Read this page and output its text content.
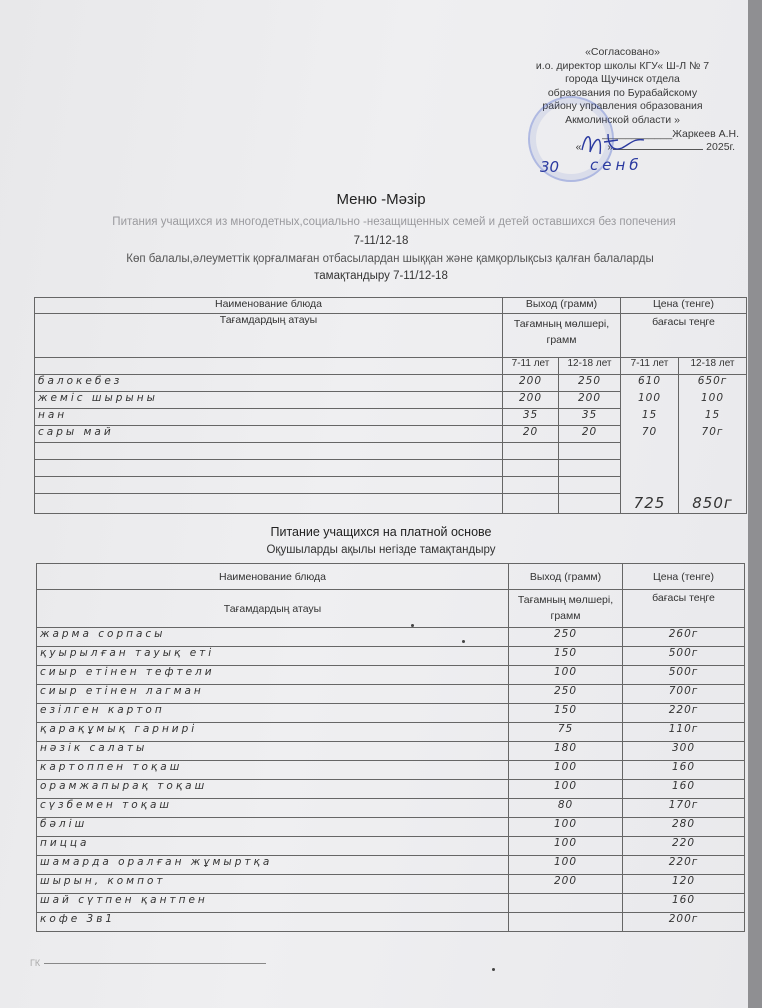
«Согласовано»
и.о. директор школы КГУ« Ш-Л № 7
города Щучинск отдела
образования по Бурабайскому
району управления образования
Акмолинской области »
____________Жаркеев А.Н.
« »	2025г.
30 сенб
Меню -Мәзір
Питания учащихся из многодетных,социально -незащищенных семей и детей оставшихся без попечения
7-11/12-18
Көп балалы,әлеуметтік қорғалмаған отбасылардан шыққан және қамқорлықсыз қалған балаларды
тамақтандыру 7-11/12-18
Наименование блюда	Выход (грамм)		Цена (тенге)	
Тағамдардың атауы	Тағамның мөлшері, грамм		бағасы теңге	
	7-11 лет	12-18 лет	7-11 лет	12-18 лет
балокебез	200	250	610	650г
жеміс шырыны	200	200	100	100
нан	35	35	15	15
сары май	20	20	70	70г

			725	850г
Питание учащихся на платной основе
Оқушыларды ақылы негізде тамақтандыру
Наименование блюда	Выход (грамм)	Цена (тенге)
Тағамдардың атауы	Тағамның мөлшері, грамм	бағасы теңге
жарма сорпасы	250	260г
қуырылған тауық еті	150	500г
сиыр етінен тефтели	100	500г
сиыр етінен лагман	250	700г
езілген картоп	150	220г
қарақұмық гарнирі	75	110г
нәзік салаты	180	300
картоппен тоқаш	100	160
орамжапырақ тоқаш	100	160
сүзбемен тоқаш	80	170г
бәліш	100	280
пицца	100	220
шамарда оралған жұмыртқа	100	220г
шырын, компот	200	120
шай сүтпен қантпен		160
кофе 3в1		200г
ГК
